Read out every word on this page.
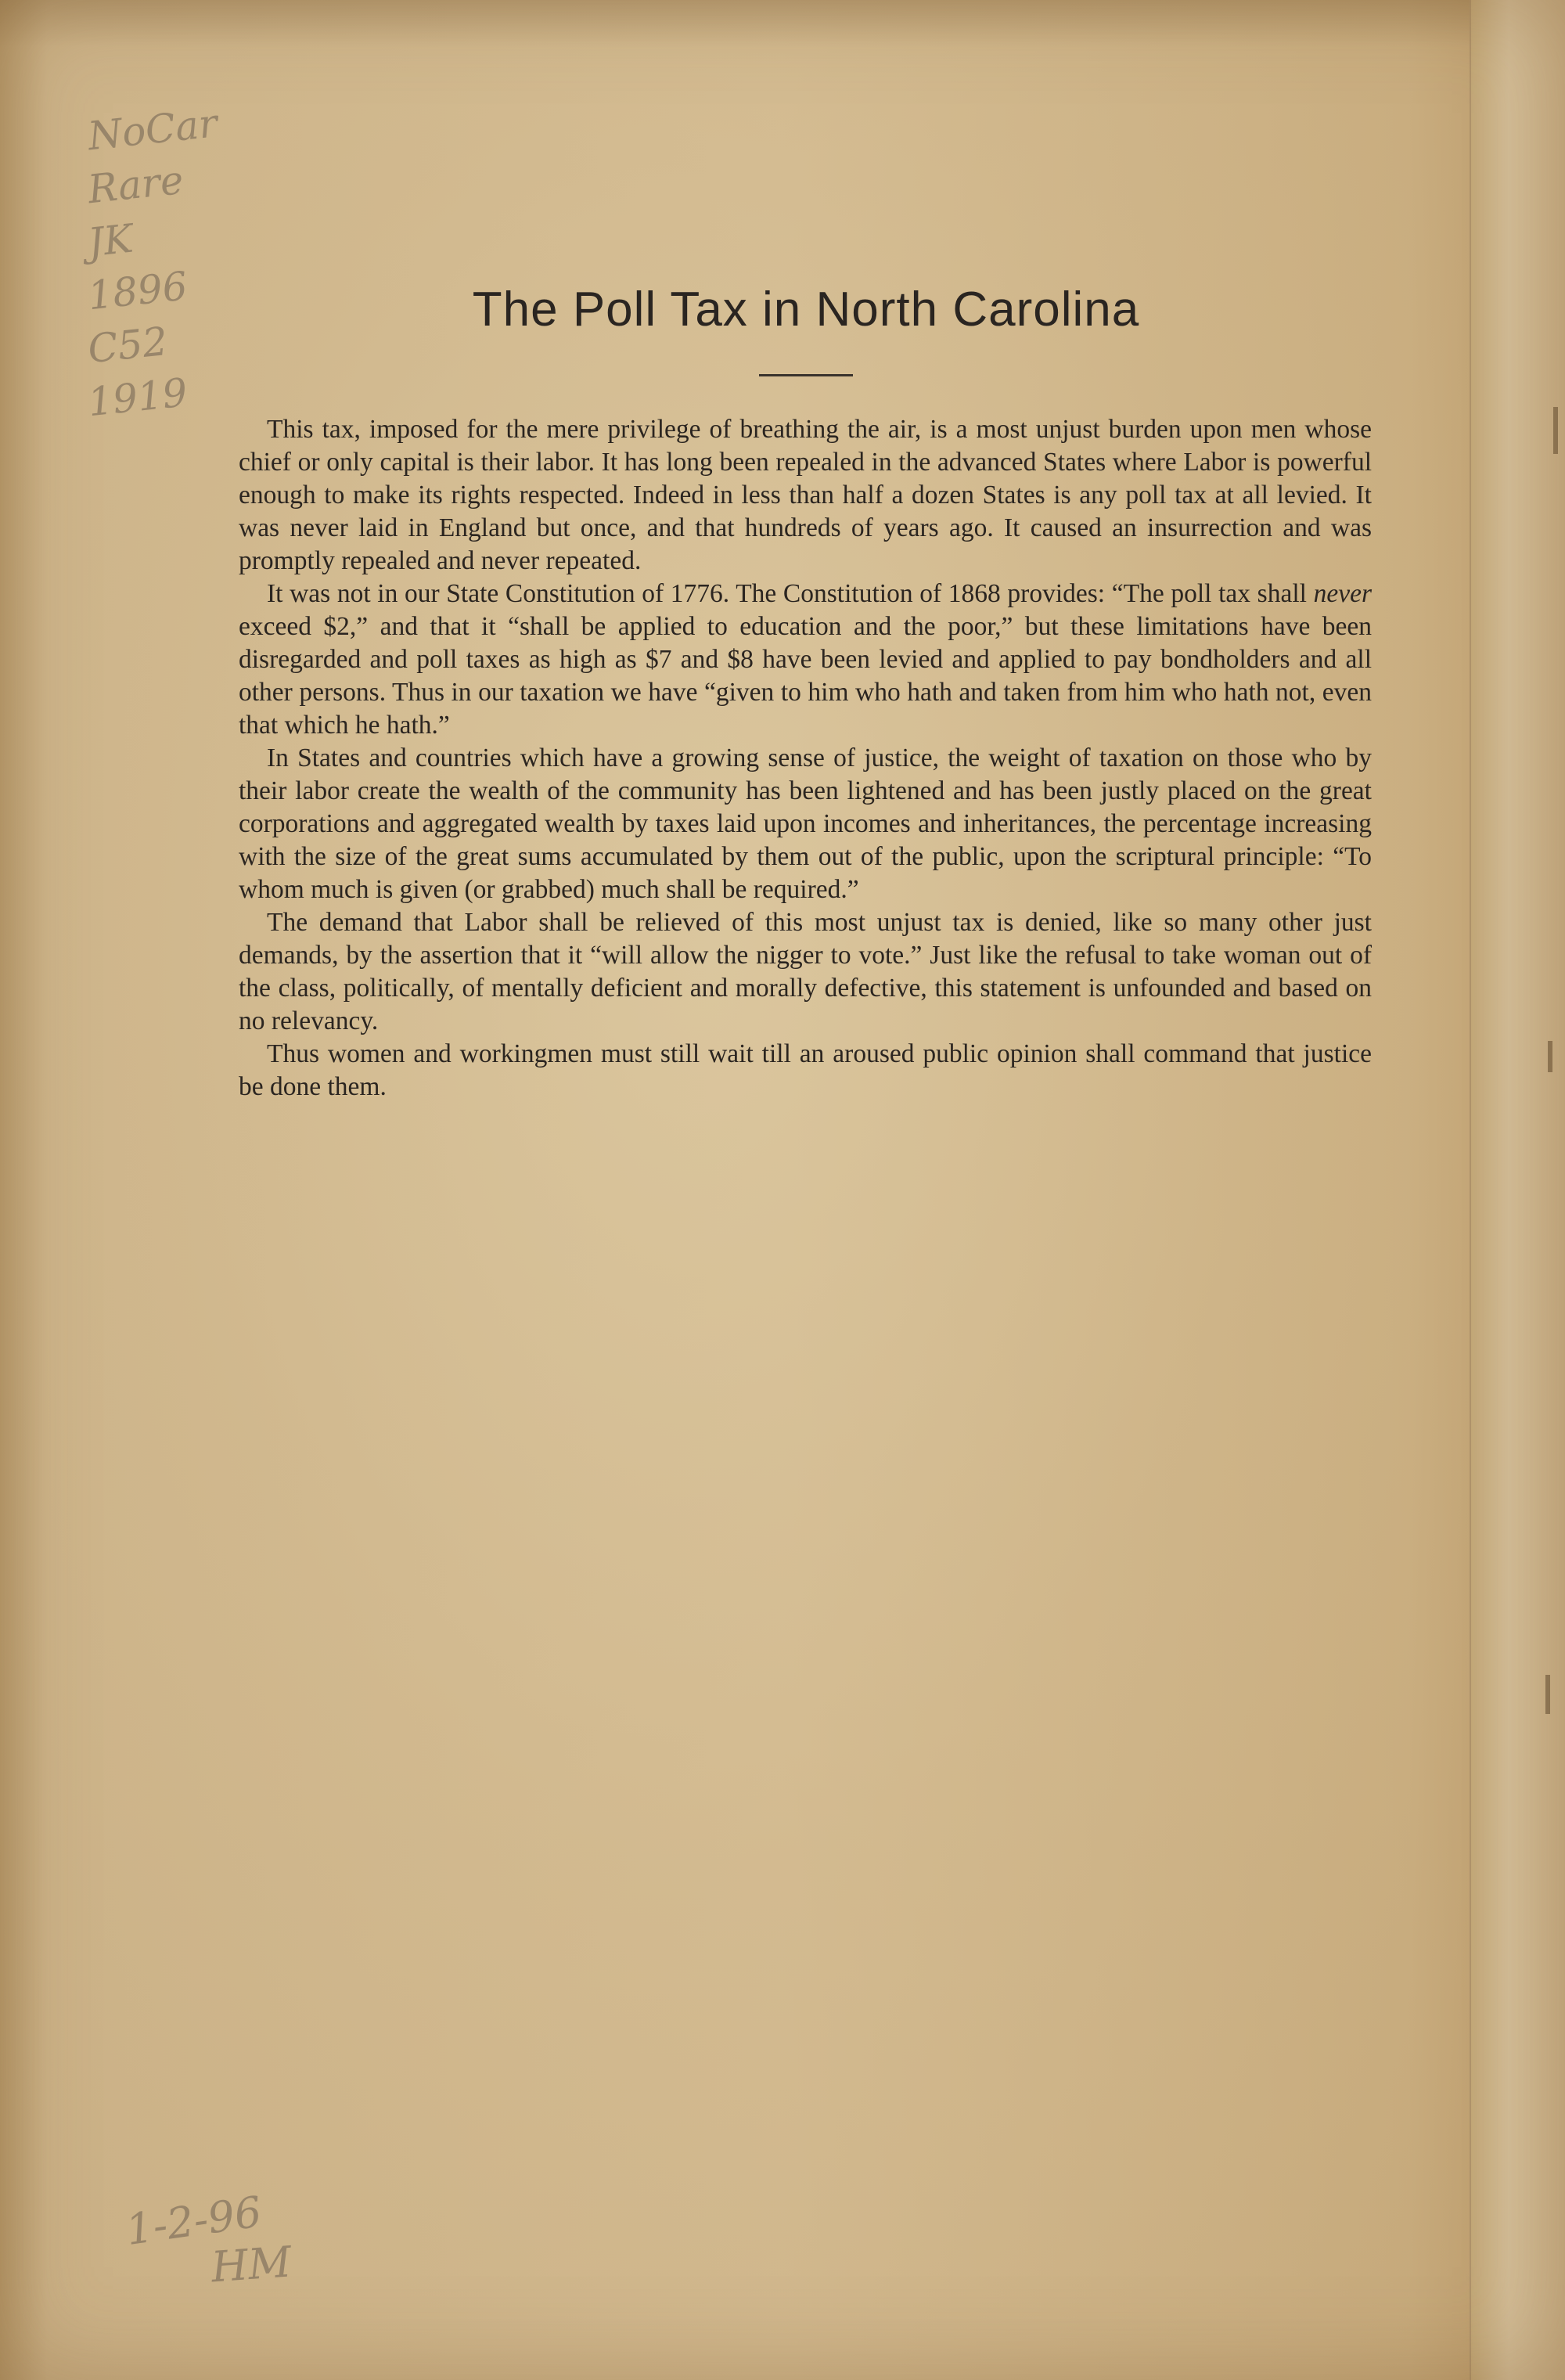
NoCar
Rare
JK
1896
C52
1919
The Poll Tax in North Carolina

This tax, imposed for the mere privilege of breathing the air, is a most unjust burden upon men whose chief or only capital is their labor. It has long been repealed in the advanced States where Labor is powerful enough to make its rights respected. Indeed in less than half a dozen States is any poll tax at all levied. It was never laid in England but once, and that hundreds of years ago. It caused an insurrection and was promptly repealed and never repeated.

It was not in our State Constitution of 1776. The Constitution of 1868 provides: “The poll tax shall never exceed $2,” and that it “shall be applied to education and the poor,” but these limitations have been disregarded and poll taxes as high as $7 and $8 have been levied and applied to pay bondholders and all other persons. Thus in our taxation we have “given to him who hath and taken from him who hath not, even that which he hath.”

In States and countries which have a growing sense of justice, the weight of taxation on those who by their labor create the wealth of the community has been lightened and has been justly placed on the great corporations and aggregated wealth by taxes laid upon incomes and inheritances, the percentage increasing with the size of the great sums accumulated by them out of the public, upon the scriptural principle: “To whom much is given (or grabbed) much shall be required.”

The demand that Labor shall be relieved of this most unjust tax is denied, like so many other just demands, by the assertion that it “will allow the nigger to vote.” Just like the refusal to take woman out of the class, politically, of mentally deficient and morally defective, this statement is unfounded and based on no relevancy.

Thus women and workingmen must still wait till an aroused public opinion shall command that justice be done them.

1-2-96
HM
